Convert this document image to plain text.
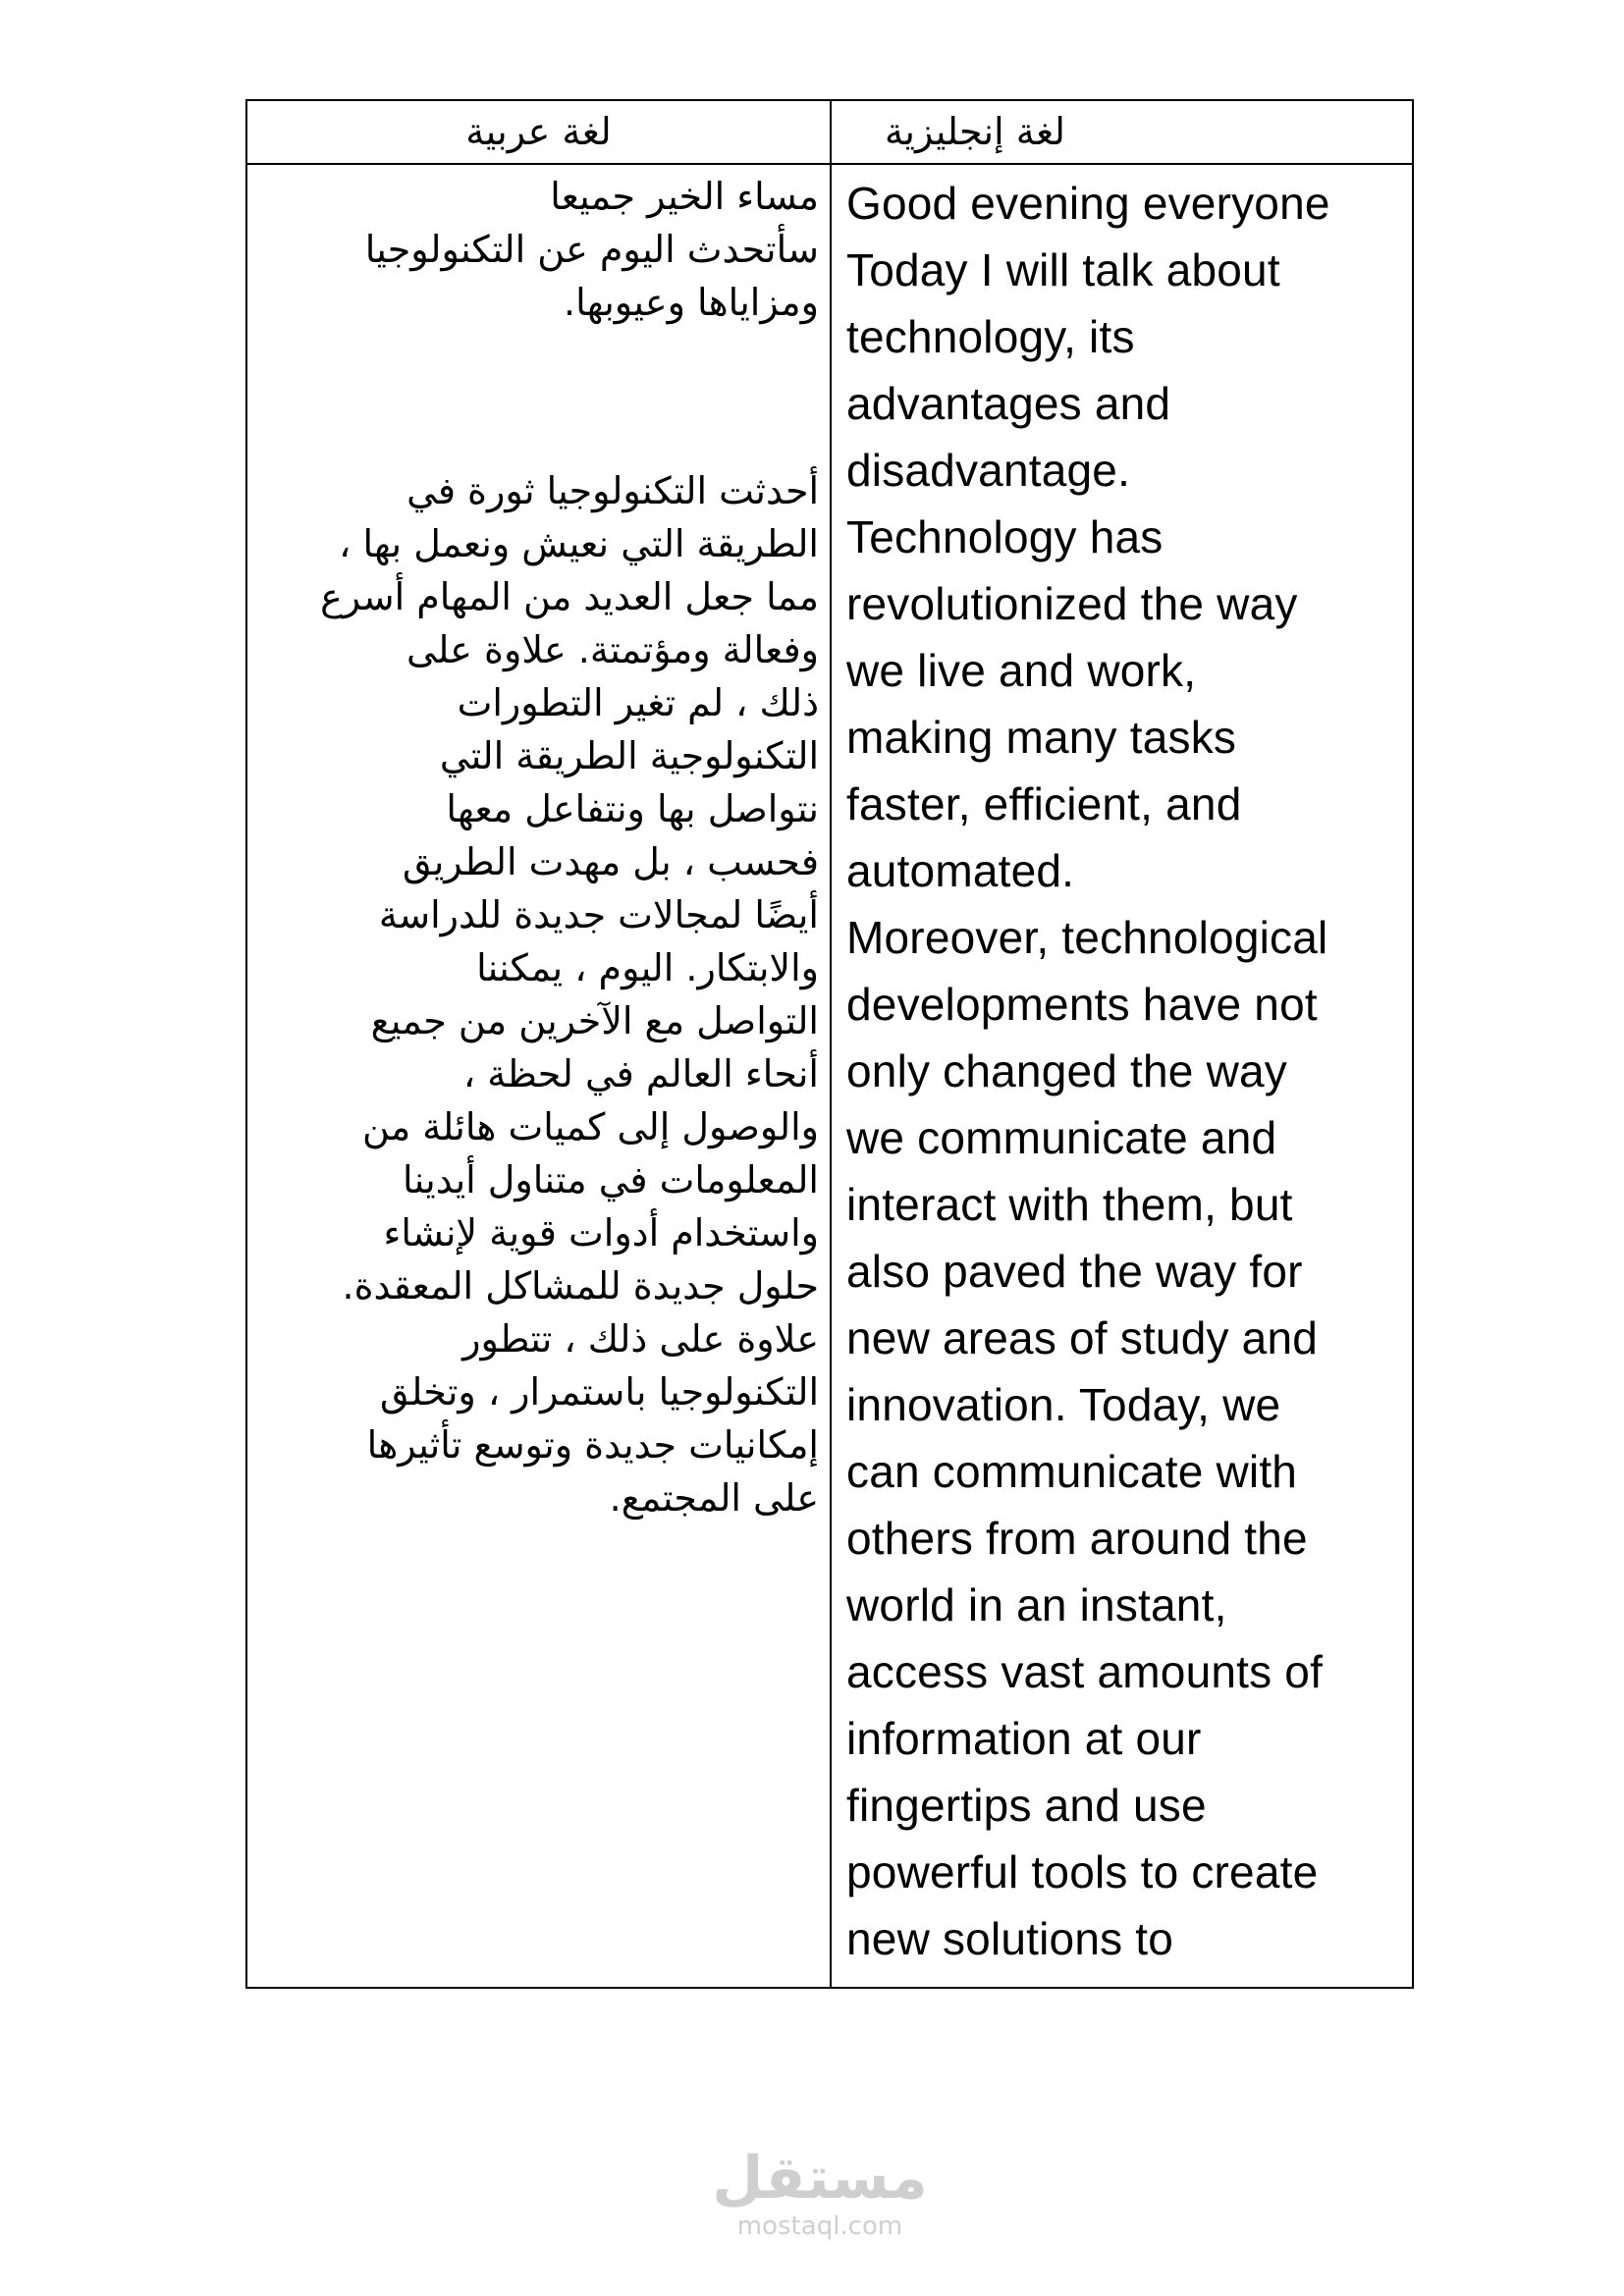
لغة عربية	لغة إنجليزية
مساء الخير جميعا
سأتحدث اليوم عن التكنولوجيا
ومزاياها وعيوبها.
أحدثت التكنولوجيا ثورة في
الطريقة التي نعيش ونعمل بها ،
مما جعل العديد من المهام أسرع
وفعالة ومؤتمتة. علاوة على
ذلك ، لم تغير التطورات
التكنولوجية الطريقة التي
نتواصل بها ونتفاعل معها
فحسب ، بل مهدت الطريق
أيضًا لمجالات جديدة للدراسة
والابتكار. اليوم ، يمكننا
التواصل مع الآخرين من جميع
أنحاء العالم في لحظة ،
والوصول إلى كميات هائلة من
المعلومات في متناول أيدينا
واستخدام أدوات قوية لإنشاء
حلول جديدة للمشاكل المعقدة.
علاوة على ذلك ، تتطور
التكنولوجيا باستمرار ، وتخلق
إمكانيات جديدة وتوسع تأثيرها
على المجتمع.
Good evening everyone
Today I will talk about
technology, its
advantages and
disadvantage.
Technology has
revolutionized the way
we live and work,
making many tasks
faster, efficient, and
automated.
Moreover, technological
developments have not
only changed the way
we communicate and
interact with them, but
also paved the way for
new areas of study and
innovation. Today, we
can communicate with
others from around the
world in an instant,
access vast amounts of
information at our
fingertips and use
powerful tools to create
new solutions to
مستقل
mostaql.com
